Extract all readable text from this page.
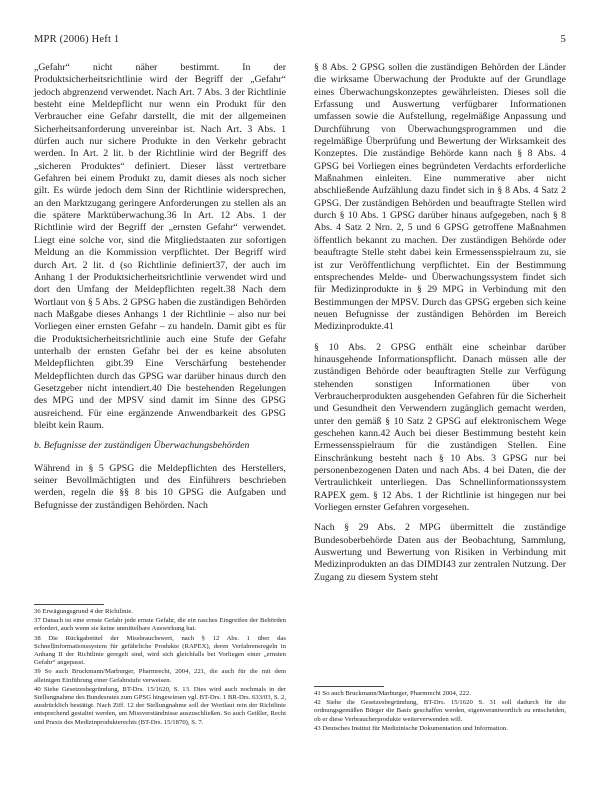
MPR (2006) Heft 1	5

„Gefahr“ nicht näher bestimmt. In der Produktsicherheitsrichtlinie wird der Begriff der „Gefahr“ jedoch abgrenzend verwendet. Nach Art. 7 Abs. 3 der Richtlinie besteht eine Meldepflicht nur wenn ein Produkt für den Verbraucher eine Gefahr darstellt, die mit der allgemeinen Sicherheitsanforderung unvereinbar ist. Nach Art. 3 Abs. 1 dürfen auch nur sichere Produkte in den Verkehr gebracht werden. In Art. 2 lit. b der Richtlinie wird der Begriff des „sicheren Produktes“ definiert. Dieser lässt vertretbare Gefahren bei einem Produkt zu, damit dieses als noch sicher gilt. Es würde jedoch dem Sinn der Richtlinie widersprechen, an den Marktzugang geringere Anforderungen zu stellen als an die spätere Marktüberwachung.36 In Art. 12 Abs. 1 der Richtlinie wird der Begriff der „ernsten Gefahr“ verwendet. Liegt eine solche vor, sind die Mitgliedstaaten zur sofortigen Meldung an die Kommission verpflichtet. Der Begriff wird durch Art. 2 lit. d (so Richtlinie definiert37, der auch im Anhang 1 der Produktsicherheitsrichtlinie verwendet wird und dort den Umfang der Meldepflichten regelt.38 Nach dem Wortlaut von § 5 Abs. 2 GPSG haben die zuständigen Behörden nach Maßgabe dieses Anhangs 1 der Richtlinie – also nur bei Vorliegen einer ernsten Gefahr – zu handeln. Damit gibt es für die Produktsicherheitsrichtlinie auch eine Stufe der Gefahr unterhalb der ernsten Gefahr bei der es keine absoluten Meldepflichten gibt.39 Eine Verschärfung bestehender Meldepflichten durch das GPSG war darüber hinaus durch den Gesetzgeber nicht intendiert.40 Die bestehenden Regelungen des MPG und der MPSV sind damit im Sinne des GPSG ausreichend. Für eine ergänzende Anwendbarkeit des GPSG bleibt kein Raum.

b. Befugnisse der zuständigen Überwachungsbehörden

Während in § 5 GPSG die Meldepflichten des Herstellers, seiner Bevollmächtigten und des Einführers beschrieben werden, regeln die §§ 8 bis 10 GPSG die Aufgaben und Befugnisse der zuständigen Behörden. Nach

§ 8 Abs. 2 GPSG sollen die zuständigen Behörden der Länder die wirksame Überwachung der Produkte auf der Grundlage eines Überwachungskonzeptes gewährleisten. Dieses soll die Erfassung und Auswertung verfügbarer Informationen umfassen sowie die Aufstellung, regelmäßige Anpassung und Durchführung von Überwachungsprogrammen und die regelmäßige Überprüfung und Bewertung der Wirksamkeit des Konzeptes. Die zuständige Behörde kann nach § 8 Abs. 4 GPSG bei Vorliegen eines begründeten Verdachts erforderliche Maßnahmen einleiten. Eine nummerative aber nicht abschließende Aufzählung dazu findet sich in § 8 Abs. 4 Satz 2 GPSG. Der zuständigen Behörden und beauftragte Stellen wird durch § 10 Abs. 1 GPSG darüber hinaus aufgegeben, nach § 8 Abs. 4 Satz 2 Nrn. 2, 5 und 6 GPSG getroffene Maßnahmen öffentlich bekannt zu machen. Der zuständigen Behörde oder beauftragte Stelle steht dabei kein Ermessensspielraum zu, sie ist zur Veröffentlichung verpflichtet. Ein der Bestimmung entsprechendes Melde- und Überwachungssystem findet sich für Medizinprodukte in § 29 MPG in Verbindung mit den Bestimmungen der MPSV. Durch das GPSG ergeben sich keine neuen Befugnisse der zuständigen Behörden im Bereich Medizinprodukte.41

§ 10 Abs. 2 GPSG enthält eine scheinbar darüber hinausgehende Informationspflicht. Danach müssen alle der zuständigen Behörde oder beauftragten Stelle zur Verfügung stehenden sonstigen Informationen über von Verbraucherprodukten ausgehenden Gefahren für die Sicherheit und Gesundheit den Verwendern zugänglich gemacht werden, unter den gemäß § 10 Satz 2 GPSG auf elektronischem Wege geschehen kann.42 Auch bei dieser Bestimmung besteht kein Ermessensspielraum für die zuständigen Stellen. Eine Einschränkung besteht nach § 10 Abs. 3 GPSG nur bei personenbezogenen Daten und nach Abs. 4 bei Daten, die der Vertraulichkeit unterliegen. Das Schnellinformationssystem RAPEX gem. § 12 Abs. 1 der Richtlinie ist hingegen nur bei Vorliegen ernster Gefahren vorgesehen.

Nach § 29 Abs. 2 MPG übermittelt die zuständige Bundesoberbehörde Daten aus der Beobachtung, Sammlung, Auswertung und Bewertung von Risiken in Verbindung mit Medizinprodukten an das DIMDI43 zur zentralen Nutzung. Der Zugang zu diesem System steht

36 Erwägungsgrund 4 der Richtlinie.

37 Danach ist eine ernste Gefahr jede ernste Gefahr, die ein rasches Eingreifen der Behörden erfordert, auch wenn sie keine unmittelbare Auswirkung hat.

38 Die Rückgabetitel der Missbrauchswert, nach § 12 Abs. 1 über das Schnellinformationssystem für gefährliche Produkte (RAPEX), deren Verfahrensregeln in Anhang II der Richtlinie geregelt sind, wird sich gleichfalls bei Vorliegen einer „ernsten Gefahr“ angepasst.

39 So auch Bruckmann/Marburger, Pharmrecht, 2004, 221, die auch für die mit dem alleinigen Einführung einer Gefahrstufe verweisen.

40 Siehe Gesetzesbegründung, BT-Drs. 15/1620, S. 13. Dies wird auch nochmals in der Stellungnahme des Bundesrates zum GPSG hingewiesen vgl. BT-Drs. 1 BR-Drs. 633/03, S. 2, ausdrücklich bestätigt. Nach Ziff. 12 der Stellungnahme soll der Wortlaut rein der Richtlinie entsprechend gestaltet werden, um Missverständnisse auszuschließen. So auch Geißler, Recht und Praxis des Medizinprodukterechts (BT-Drs. 15/1870), S. 7.

41 So auch Bruckmann/Marburger, Pharmrecht 2004, 222.

42 Siehe die Gesetzesbegründung, BT-Drs. 15/1620 S. 31 soll dadurch für die ordnungsgemäßen Bürger die Basis geschaffen werden, eigenverantwortlich zu entscheiden, ob er diese Verbraucherprodukte weiterverwenden will.

43 Deutsches Institut für Medizinische Dokumentation und Information.
